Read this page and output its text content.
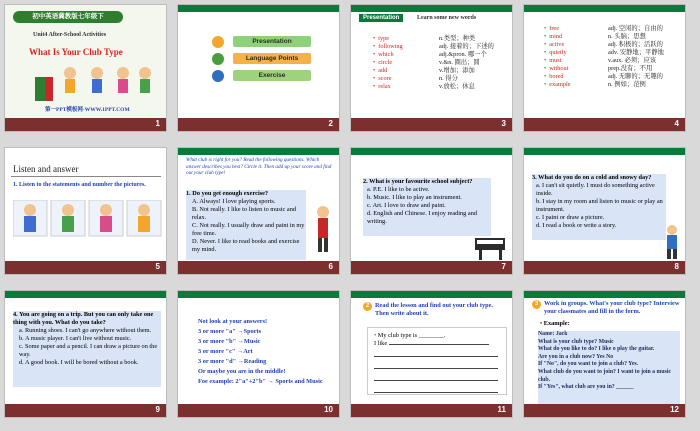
初中英语冀教版七年级下
Unit4 After-School Activities
What Is Your Club Type
第一PPT模板网-WWW.1PPT.COM
1
Presentation
Language Points
Exercise
2
Presentation	Learn some new words
• type
• following
• which
• circle
• add
• score
• relax
n.类型；种类
adj. 接着的；下述的
adj.&pron. 哪一个
v.&n. 圈出；圆
v.增加；添加
n. 得分
v.放松；休息
3
• free
• mind
• active
• quietly
• must
• without
• bored
• example
adj. 空闲的；自由的
n. 头脑；思想
adj. 积极的；活跃的
adv. 安静地；平静地
v.aux. 必须；应该
prep.没有；不用
adj. 无聊的；无趣的
n. 例如；范例
4
Listen and answer
1. Listen to the statements and number the pictures.
5
What club is right for you? Read the following questions. Which answer describes you best? Circle it. Then add up your score and find out your club type!
1. Do you get enough exercise?
A. Always! I love playing sports.
B. Not really. I like to listen to music and relax.
C. Not really. I usually draw and paint in my free time.
D. Never. I like to read books and exercise my mind.
6
2. What is your favourite school subject?
a. P.E. I like to be active.
b. Music. I like to play an instrument.
c. Art. I love to draw and paint.
d. English and Chinese. I enjoy reading and writing.
7
3. What do you do on a cold and snowy day?
a. I can't sit quietly. I must do something active inside.
b. I stay in my room and listen to music or play an instrument.
c. I paint or draw a picture.
d. I read a book or write a story.
8
4. You are going on a trip. But you can only take one thing with you. What do you take?
a. Running shoes. I can't go anywhere without them.
b. A music player. I can't live without music.
c. Some paper and a pencil. I can draw a picture on the way.
d. A good book. I will be bored without a book.
9
Not look at your answers!
3 or more "a" →Sports
3 or more "b" →Music
3 or more "c" →Art
3 or more "d" →Reading
Or maybe you are in the middle!
Foe example: 2"a"+2"b" → Sports and Music
10
2 Read the lesson and find out your club type. Then write about it.
• My club type is ________.
I like
11
3 Work in groups. What's your club type? Interview your classmates and fill in the form.
• Example:
Name: Jack
What is your club type? Music
What do you like to do? I like o play the guitar.
Are you in a club now? Yes No
If "No", do you want to join a club? Yes.
What club do you want to join? I want to join a music club.
If "Yes", what club are you in? ______
12
